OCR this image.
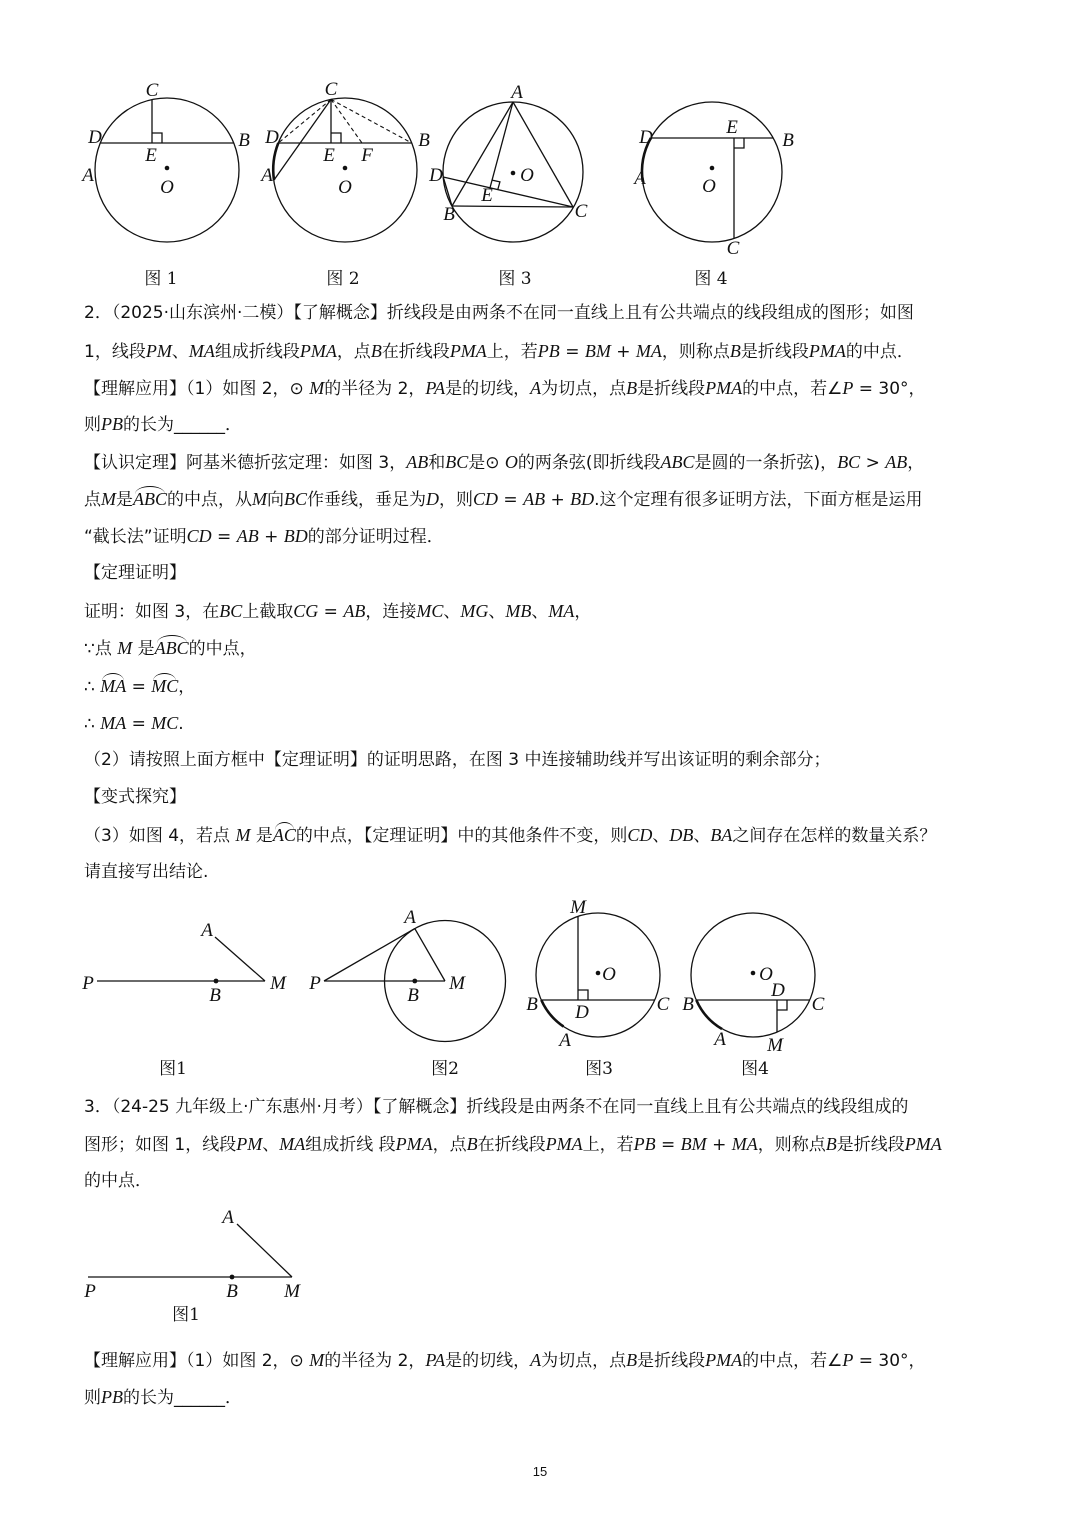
C
D	B
E
A
O
图 1
C
D	B
E F
A
O
图 2
A
D	O
E
B	C
图 3
D	E
B
A	O
C
图 4
A
P
B
M
图1
A
P
B
M
图2
M
O
B	C
D
A
图3
O
D
B	C
A M
图4
A
P	B M
图1
2．（2025·山东滨州·二模）【了解概念】折线段是由两条不在同一直线上且有公共端点的线段组成的图形；如图
1，线段PM、MA组成折线段PMA，点B在折线段PMA上，若PB = BM + MA，则称点B是折线段PMA的中点．
【理解应用】（1）如图 2，⊙ M的半径为 2，PA是的切线，A为切点，点B是折线段PMA的中点，若∠P = 30°，
则PB的长为______．
【认识定理】阿基米德折弦定理：如图 3，AB和BC是⊙ O的两条弦(即折线段ABC是圆的一条折弦)，BC > AB，
点M是ABC的中点，从M向BC作垂线，垂足为D，则CD = AB + BD.这个定理有很多证明方法，下面方框是运用
“截长法”证明CD = AB + BD的部分证明过程．
【定理证明】
证明：如图 3，在BC上截取CG = AB，连接MC、MG、MB、MA，
∵点 M 是ABC的中点，
∴ MA = MC，
∴ MA = MC.
（2）请按照上面方框中【定理证明】的证明思路，在图 3 中连接辅助线并写出该证明的剩余部分；
【变式探究】
（3）如图 4，若点 M 是AC的中点，【定理证明】中的其他条件不变，则CD、DB、BA之间存在怎样的数量关系？
请直接写出结论.
3．（24-25 九年级上·广东惠州·月考）【了解概念】折线段是由两条不在同一直线上且有公共端点的线段组成的
图形；如图 1，线段PM、MA组成折线 段PMA，点B在折线段PMA上，若PB = BM + MA，则称点B是折线段PMA
的中点．
【理解应用】（1）如图 2，⊙ M的半径为 2，PA是的切线，A为切点，点B是折线段PMA的中点，若∠P = 30°，
则PB的长为______．
15
